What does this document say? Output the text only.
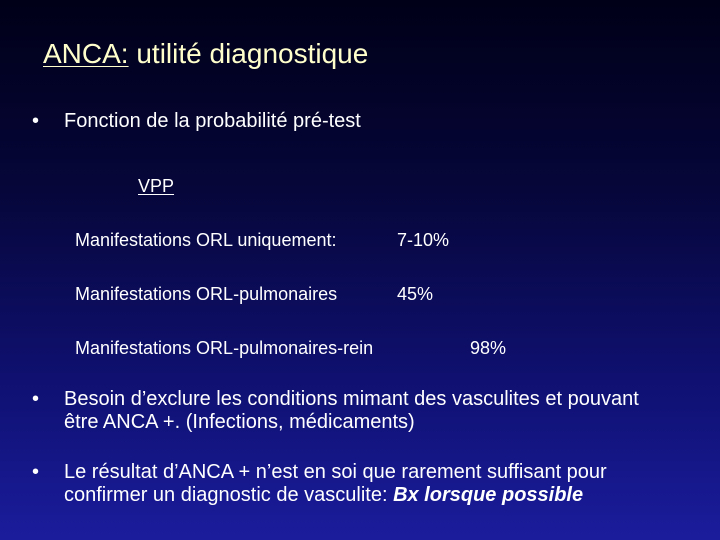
ANCA: utilité diagnostique
•	Fonction de la probabilité pré-test
VPP
Manifestations ORL uniquement:	7-10%
Manifestations ORL-pulmonaires	45%
Manifestations ORL-pulmonaires-rein	98%
•	Besoin d’exclure les conditions mimant des vasculites et pouvant être ANCA +. (Infections, médicaments)
•	Le résultat d’ANCA + n’est en soi que rarement suffisant pour confirmer un diagnostic de vasculite: Bx lorsque possible
